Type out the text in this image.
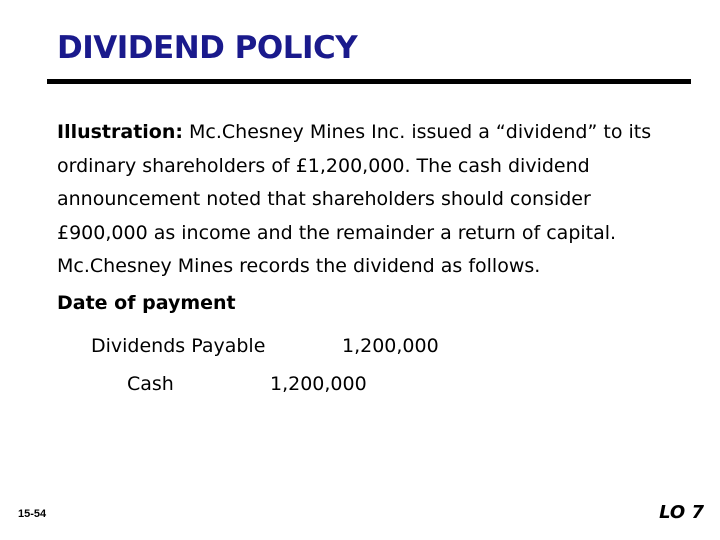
DIVIDEND POLICY
Illustration: Mc.Chesney Mines Inc. issued a “dividend” to its ordinary shareholders of £1,200,000. The cash dividend announcement noted that shareholders should consider £900,000 as income and the remainder a return of capital. Mc.Chesney Mines records the dividend as follows.
Date of payment
Dividends Payable	1,200,000
Cash	1,200,000
15-54	LO 7
